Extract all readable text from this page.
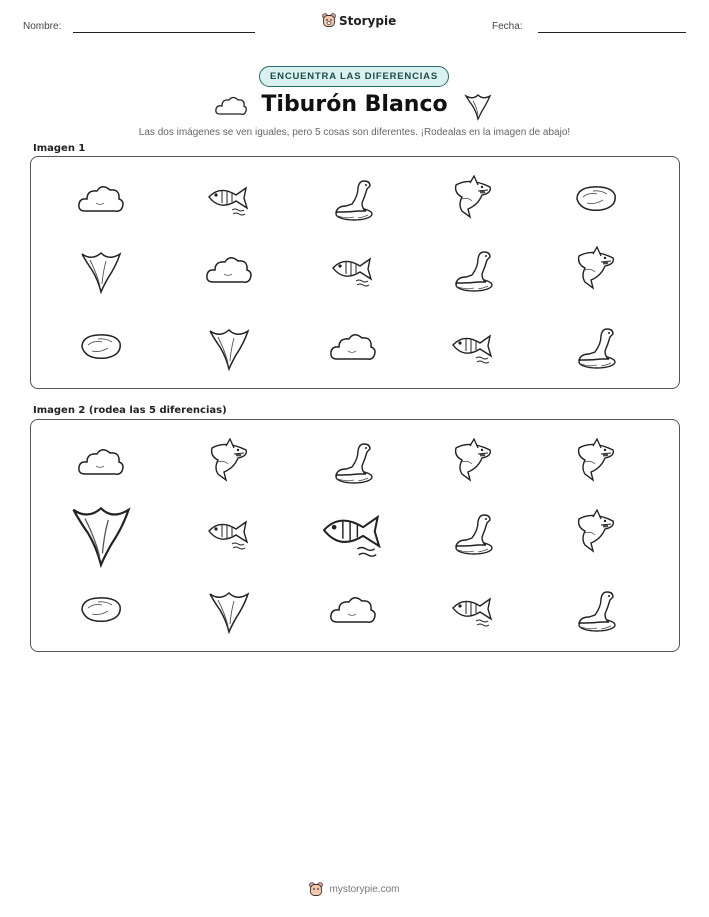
Nombre:	Storypie	Fecha:
ENCUENTRA LAS DIFERENCIAS
Tiburón Blanco
Las dos imágenes se ven iguales, pero 5 cosas son diferentes. ¡Rodealas en la imagen de abajo!
Imagen 1
Imagen 2 (rodea las 5 diferencias)
mystorypie.com
